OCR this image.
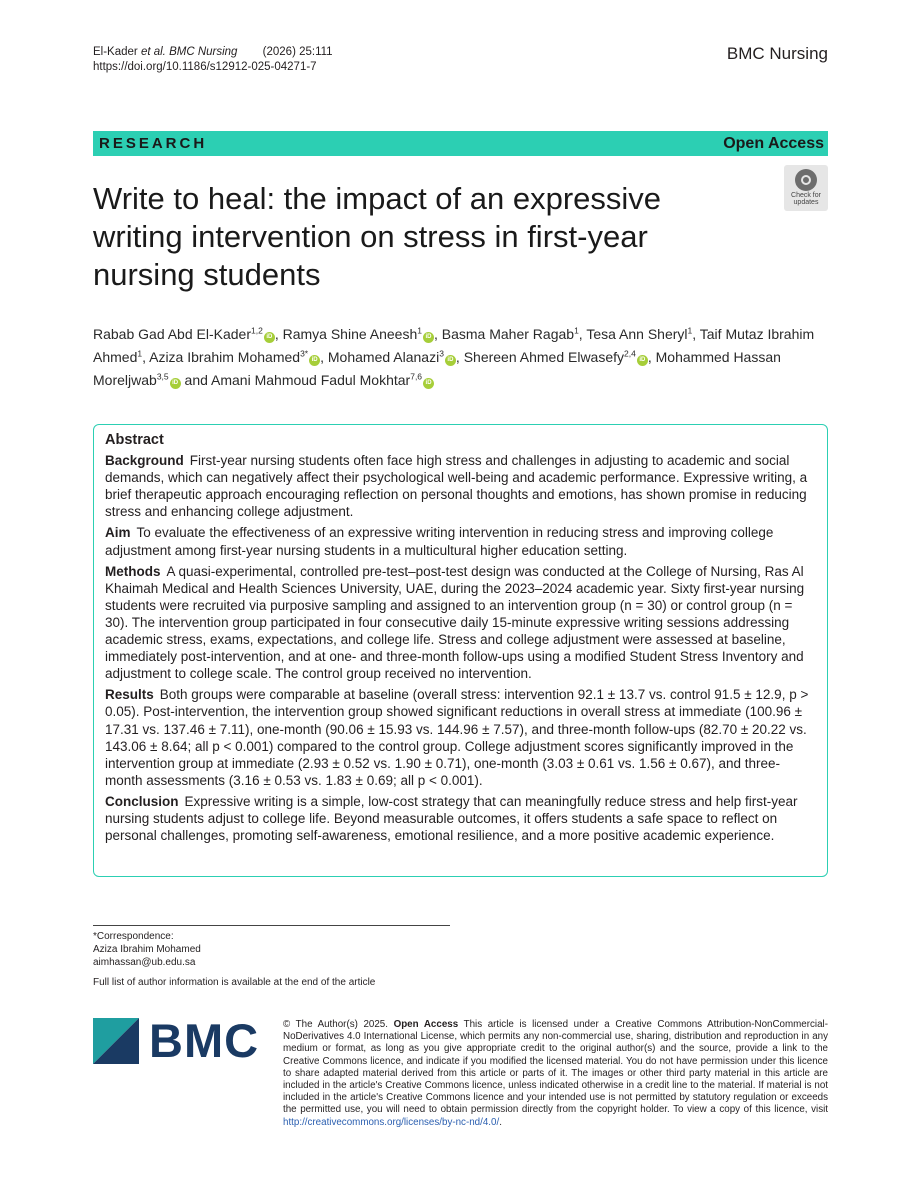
El-Kader et al. BMC Nursing (2026) 25:111
https://doi.org/10.1186/s12912-025-04271-7
BMC Nursing
RESEARCH	Open Access
Write to heal: the impact of an expressive writing intervention on stress in first-year nursing students
Check for
updates
Rabab Gad Abd El-Kader$^{1,2}$iD , Ramya Shine Aneesh$^1$iD , Basma Maher Ragab$^1$, Tesa Ann Sheryl$^1$, Taif Mutaz Ibrahim Ahmed$^1$, Aziza Ibrahim Mohamed$^{3*}$iD , Mohamed Alanazi$^3$iD , Shereen Ahmed Elwasefy$^{2,4}$iD , Mohammed Hassan Moreljwab$^{3,5}$iD and Amani Mahmoud Fadul Mokhtar$^{7,6}$iD
Abstract
Background First-year nursing students often face high stress and challenges in adjusting to academic and social demands, which can negatively affect their psychological well-being and academic performance. Expressive writing, a brief therapeutic approach encouraging reflection on personal thoughts and emotions, has shown promise in reducing stress and enhancing college adjustment.
Aim To evaluate the effectiveness of an expressive writing intervention in reducing stress and improving college adjustment among first-year nursing students in a multicultural higher education setting.
Methods A quasi-experimental, controlled pre-test–post-test design was conducted at the College of Nursing, Ras Al Khaimah Medical and Health Sciences University, UAE, during the 2023–2024 academic year. Sixty first-year nursing students were recruited via purposive sampling and assigned to an intervention group (n = 30) or control group (n = 30). The intervention group participated in four consecutive daily 15-minute expressive writing sessions addressing academic stress, exams, expectations, and college life. Stress and college adjustment were assessed at baseline, immediately post-intervention, and at one- and three-month follow-ups using a modified Student Stress Inventory and adjustment to college scale. The control group received no intervention.
Results Both groups were comparable at baseline (overall stress: intervention 92.1 ± 13.7 vs. control 91.5 ± 12.9, p > 0.05). Post-intervention, the intervention group showed significant reductions in overall stress at immediate (100.96 ± 17.31 vs. 137.46 ± 7.11), one-month (90.06 ± 15.93 vs. 144.96 ± 7.57), and three-month follow-ups (82.70 ± 20.22 vs. 143.06 ± 8.64; all p < 0.001) compared to the control group. College adjustment scores significantly improved in the intervention group at immediate (2.93 ± 0.52 vs. 1.90 ± 0.71), one-month (3.03 ± 0.61 vs. 1.56 ± 0.67), and three-month assessments (3.16 ± 0.53 vs. 1.83 ± 0.69; all p < 0.001).
Conclusion Expressive writing is a simple, low-cost strategy that can meaningfully reduce stress and help first-year nursing students adjust to college life. Beyond measurable outcomes, it offers students a safe space to reflect on personal challenges, promoting self-awareness, emotional resilience, and a more positive academic experience.
*Correspondence:
Aziza Ibrahim Mohamed
aimhassan@ub.edu.sa
Full list of author information is available at the end of the article
BMC © The Author(s) 2025. Open Access This article is licensed under a Creative Commons Attribution-NonCommercial-NoDerivatives 4.0 International License, which permits any non-commercial use, sharing, distribution and reproduction in any medium or format, as long as you give appropriate credit to the original author(s) and the source, provide a link to the Creative Commons licence, and indicate if you modified the licensed material. You do not have permission under this licence to share adapted material derived from this article or parts of it. The images or other third party material in this article are included in the article's Creative Commons licence, unless indicated otherwise in a credit line to the material. If material is not included in the article's Creative Commons licence and your intended use is not permitted by statutory regulation or exceeds the permitted use, you will need to obtain permission directly from the copyright holder. To view a copy of this licence, visit http://creativecommons.org/licenses/by-nc-nd/4.0/.
